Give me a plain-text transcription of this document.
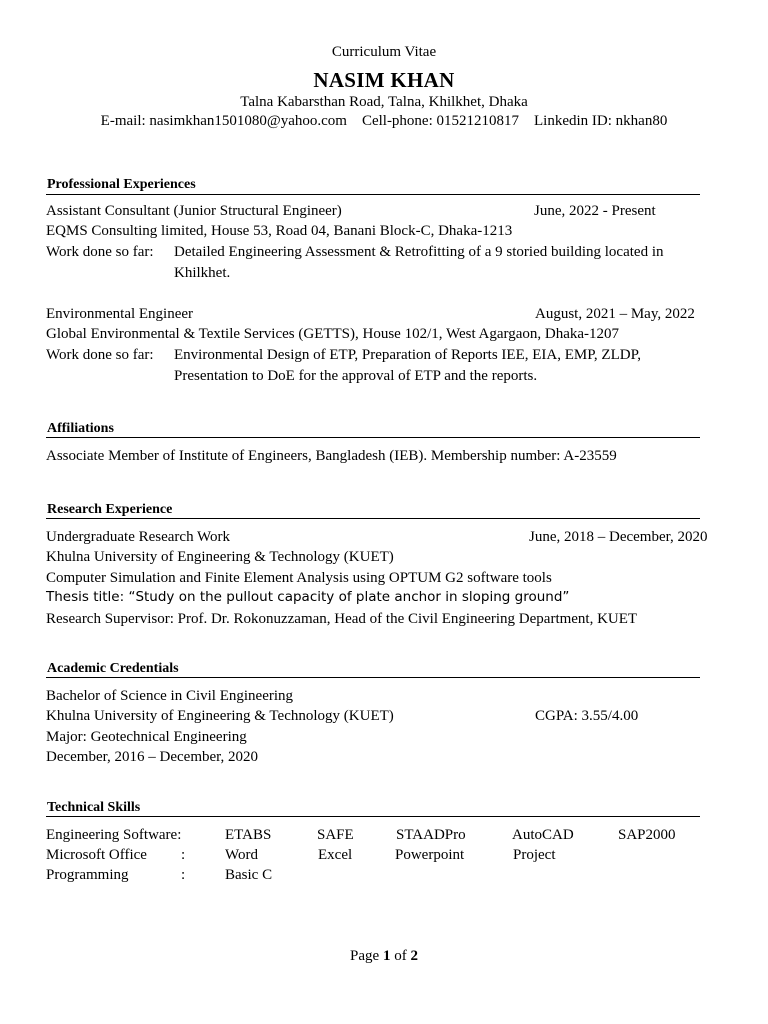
Curriculum Vitae
NASIM KHAN
Talna Kabarsthan Road, Talna, Khilkhet, Dhaka
E-mail: nasimkhan1501080@yahoo.com    Cell-phone: 01521210817    Linkedin ID: nkhan80
Professional Experiences
Assistant Consultant (Junior Structural Engineer)	June, 2022 - Present
EQMS Consulting limited, House 53, Road 04, Banani Block-C, Dhaka-1213
Work done so far: Detailed Engineering Assessment & Retrofitting of a 9 storied building located in
Khilkhet.
Environmental Engineer	August, 2021 – May, 2022
Global Environmental & Textile Services (GETTS), House 102/1, West Agargaon, Dhaka-1207
Work done so far: Environmental Design of ETP, Preparation of Reports IEE, EIA, EMP, ZLDP,
Presentation to DoE for the approval of ETP and the reports.
Affiliations
Associate Member of Institute of Engineers, Bangladesh (IEB). Membership number: A-23559
Research Experience
Undergraduate Research Work	June, 2018 – December, 2020
Khulna University of Engineering & Technology (KUET)
Computer Simulation and Finite Element Analysis using OPTUM G2 software tools
Thesis title: “Study on the pullout capacity of plate anchor in sloping ground”
Research Supervisor: Prof. Dr. Rokonuzzaman, Head of the Civil Engineering Department, KUET
Academic Credentials
Bachelor of Science in Civil Engineering
Khulna University of Engineering & Technology (KUET)	CGPA: 3.55/4.00
Major: Geotechnical Engineering
December, 2016 – December, 2020
Technical Skills
Engineering Software:	ETABS	SAFE	STAADPro	AutoCAD	SAP2000
Microsoft Office :	Word	Excel	Powerpoint	Project
Programming	:	Basic C
Page 1 of 2
